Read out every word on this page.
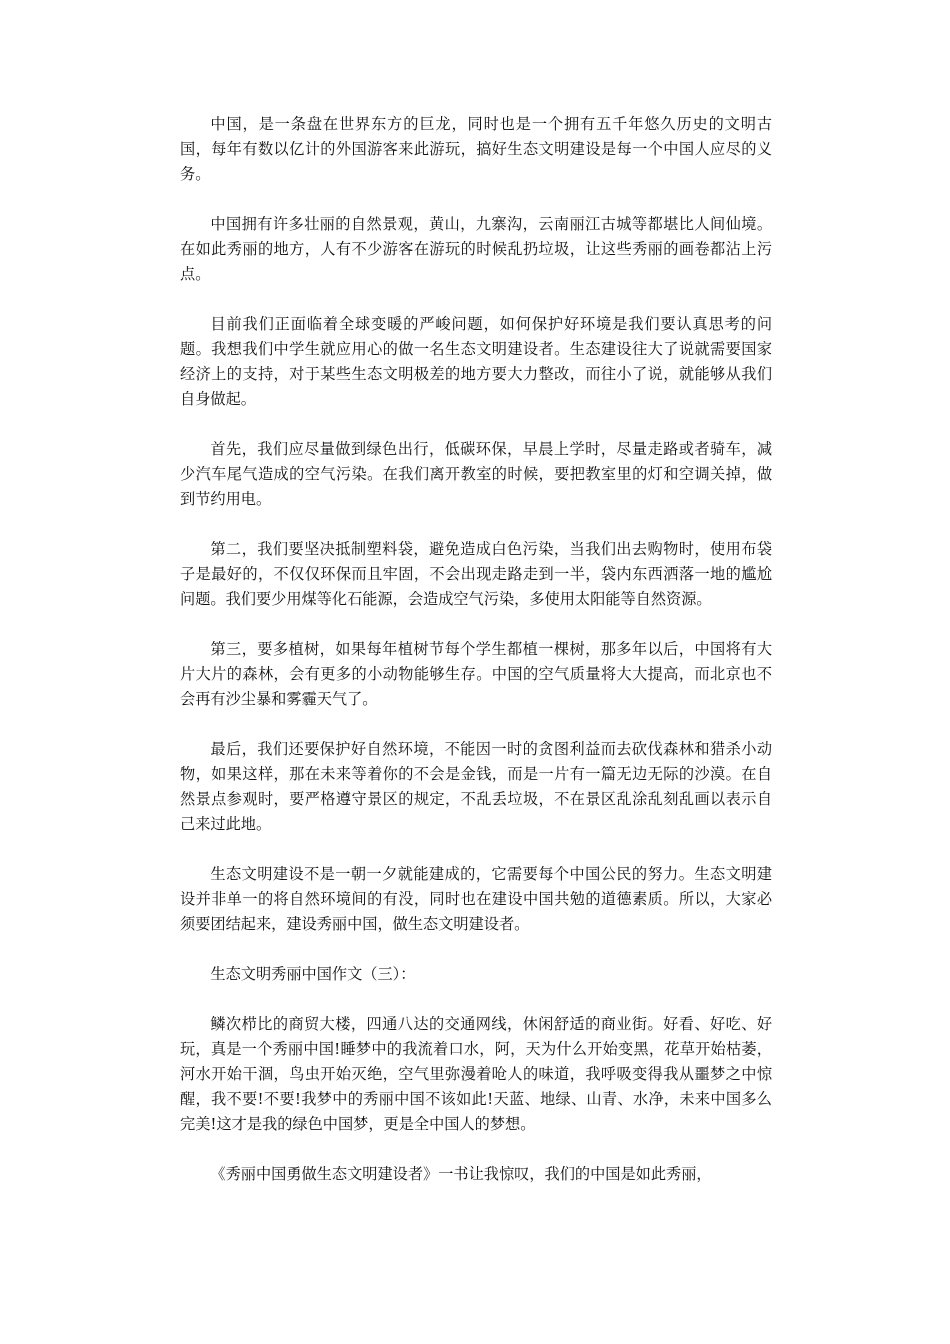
中国，是一条盘在世界东方的巨龙，同时也是一个拥有五千年悠久历史的文明古国，每年有数以亿计的外国游客来此游玩，搞好生态文明建设是每一个中国人应尽的义务。

中国拥有许多壮丽的自然景观，黄山，九寨沟，云南丽江古城等都堪比人间仙境。在如此秀丽的地方，人有不少游客在游玩的时候乱扔垃圾，让这些秀丽的画卷都沾上污点。

目前我们正面临着全球变暖的严峻问题，如何保护好环境是我们要认真思考的问题。我想我们中学生就应用心的做一名生态文明建设者。生态建设往大了说就需要国家经济上的支持，对于某些生态文明极差的地方要大力整改，而往小了说，就能够从我们自身做起。

首先，我们应尽量做到绿色出行，低碳环保，早晨上学时，尽量走路或者骑车，减少汽车尾气造成的空气污染。在我们离开教室的时候，要把教室里的灯和空调关掉，做到节约用电。

第二，我们要坚决抵制塑料袋，避免造成白色污染，当我们出去购物时，使用布袋子是最好的，不仅仅环保而且牢固，不会出现走路走到一半，袋内东西洒落一地的尴尬问题。我们要少用煤等化石能源，会造成空气污染，多使用太阳能等自然资源。

第三，要多植树，如果每年植树节每个学生都植一棵树，那多年以后，中国将有大片大片的森林，会有更多的小动物能够生存。中国的空气质量将大大提高，而北京也不会再有沙尘暴和雾霾天气了。

最后，我们还要保护好自然环境，不能因一时的贪图利益而去砍伐森林和猎杀小动物，如果这样，那在未来等着你的不会是金钱，而是一片有一篇无边无际的沙漠。在自然景点参观时，要严格遵守景区的规定，不乱丢垃圾，不在景区乱涂乱刻乱画以表示自己来过此地。

生态文明建设不是一朝一夕就能建成的，它需要每个中国公民的努力。生态文明建设并非单一的将自然环境间的有没，同时也在建设中国共勉的道德素质。所以，大家必须要团结起来，建设秀丽中国，做生态文明建设者。

生态文明秀丽中国作文（三）：

鳞次栉比的商贸大楼，四通八达的交通网线，休闲舒适的商业街。好看、好吃、好玩，真是一个秀丽中国!睡梦中的我流着口水，阿，天为什么开始变黑，花草开始枯萎，河水开始干涸，鸟虫开始灭绝，空气里弥漫着呛人的味道，我呼吸变得我从噩梦之中惊醒，我不要!不要!我梦中的秀丽中国不该如此!天蓝、地绿、山青、水净，未来中国多么完美!这才是我的绿色中国梦，更是全中国人的梦想。

《秀丽中国勇做生态文明建设者》一书让我惊叹，我们的中国是如此秀丽，
